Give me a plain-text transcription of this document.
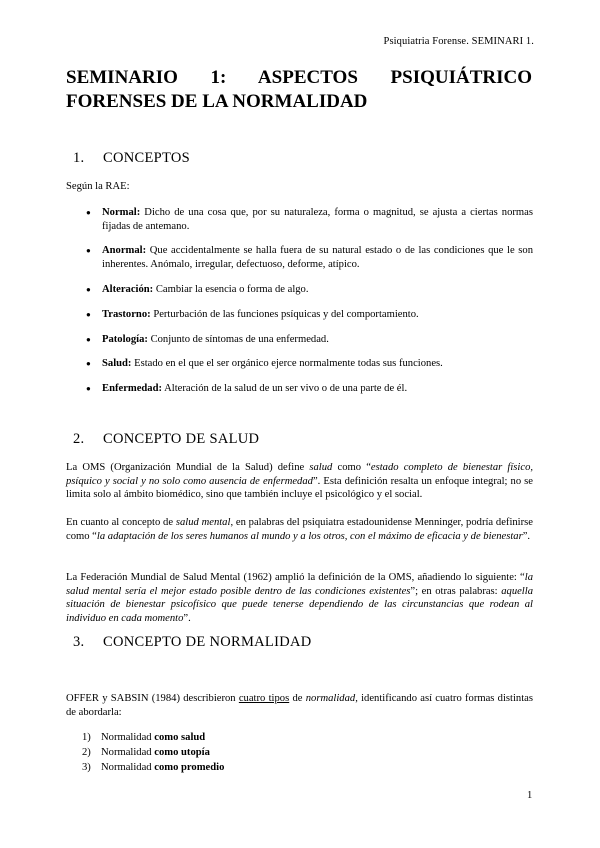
Psiquiatria Forense. SEMINARI 1.
SEMINARIO 1: ASPECTOS PSIQUIÁTRICO FORENSES DE LA NORMALIDAD
1. CONCEPTOS
Según la RAE:
● Normal: Dicho de una cosa que, por su naturaleza, forma o magnitud, se ajusta a ciertas normas fijadas de antemano.
● Anormal: Que accidentalmente se halla fuera de su natural estado o de las condiciones que le son inherentes. Anómalo, irregular, defectuoso, deforme, atípico.
● Alteración: Cambiar la esencia o forma de algo.
● Trastorno: Perturbación de las funciones psíquicas y del comportamiento.
● Patología: Conjunto de síntomas de una enfermedad.
● Salud: Estado en el que el ser orgánico ejerce normalmente todas sus funciones.
● Enfermedad: Alteración de la salud de un ser vivo o de una parte de él.
2. CONCEPTO DE SALUD
La OMS (Organización Mundial de la Salud) define salud como “estado completo de bienestar físico, psíquico y social y no solo como ausencia de enfermedad”. Esta definición resalta un enfoque integral; no se limita solo al ámbito biomédico, sino que también incluye el psicológico y el social.
En cuanto al concepto de salud mental, en palabras del psiquiatra estadounidense Menninger, podría definirse como “la adaptación de los seres humanos al mundo y a los otros, con el máximo de eficacia y de bienestar”.
La Federación Mundial de Salud Mental (1962) amplió la definición de la OMS, añadiendo lo siguiente: “la salud mental sería el mejor estado posible dentro de las condiciones existentes”; en otras palabras: aquella situación de bienestar psicofísico que puede tenerse dependiendo de las circunstancias que rodean al individuo en cada momento”.
3. CONCEPTO DE NORMALIDAD
OFFER y SABSIN (1984) describieron cuatro tipos de normalidad, identificando así cuatro formas distintas de abordarla:
1) Normalidad como salud
2) Normalidad como utopía
3) Normalidad como promedio
1
